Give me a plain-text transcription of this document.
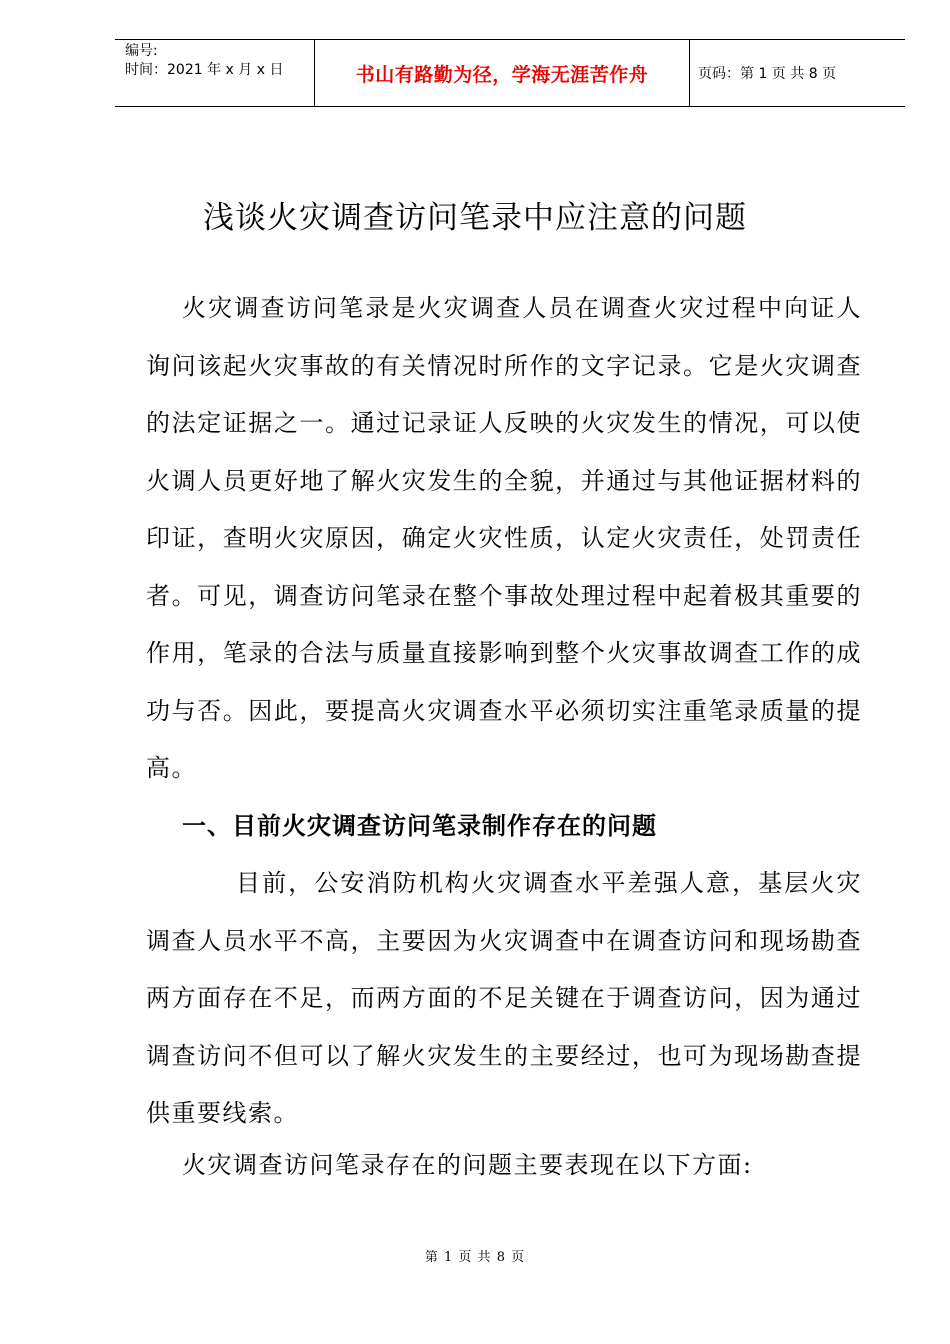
编号:
时间：2021 年 x 月 x 日	书山有路勤为径，学海无涯苦作舟	页码：第 1 页 共 8 页
浅谈火灾调查访问笔录中应注意的问题
火灾调查访问笔录是火灾调查人员在调查火灾过程中向证人询问该起火灾事故的有关情况时所作的文字记录。它是火灾调查的法定证据之一。通过记录证人反映的火灾发生的情况，可以使火调人员更好地了解火灾发生的全貌，并通过与其他证据材料的印证，查明火灾原因，确定火灾性质，认定火灾责任，处罚责任者。可见，调查访问笔录在整个事故处理过程中起着极其重要的作用，笔录的合法与质量直接影响到整个火灾事故调查工作的成功与否。因此，要提高火灾调查水平必须切实注重笔录质量的提高。
一、目前火灾调查访问笔录制作存在的问题
目前，公安消防机构火灾调查水平差强人意，基层火灾调查人员水平不高，主要因为火灾调查中在调查访问和现场勘查两方面存在不足，而两方面的不足关键在于调查访问，因为通过调查访问不但可以了解火灾发生的主要经过，也可为现场勘查提供重要线索。
火灾调查访问笔录存在的问题主要表现在以下方面:
第 1 页 共 8 页
